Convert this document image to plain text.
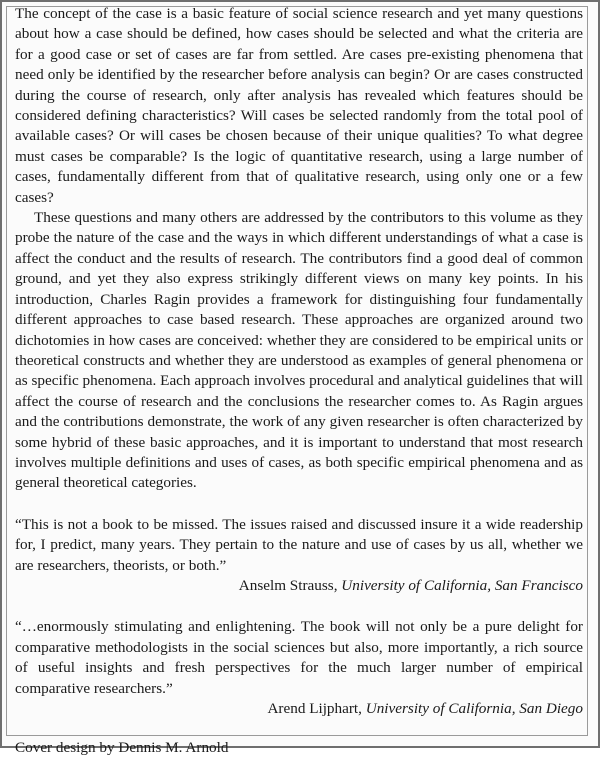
The concept of the case is a basic feature of social science research and yet many questions about how a case should be defined, how cases should be selected and what the criteria are for a good case or set of cases are far from settled. Are cases pre-existing phenomena that need only be identified by the researcher before analysis can begin? Or are cases constructed during the course of research, only after analysis has revealed which features should be considered defining characteristics? Will cases be selected randomly from the total pool of available cases? Or will cases be chosen because of their unique qualities? To what degree must cases be comparable? Is the logic of quantitative research, using a large number of cases, fundamentally different from that of qualitative research, using only one or a few cases?

These questions and many others are addressed by the contributors to this volume as they probe the nature of the case and the ways in which different understandings of what a case is affect the conduct and the results of research. The contributors find a good deal of common ground, and yet they also express strikingly different views on many key points. In his introduction, Charles Ragin provides a framework for distinguishing four fundamentally different approaches to case based research. These approaches are organized around two dichotomies in how cases are conceived: whether they are considered to be empirical units or theoretical constructs and whether they are understood as examples of general phenomena or as specific phenomena. Each approach involves procedural and analytical guidelines that will affect the course of research and the conclusions the researcher comes to. As Ragin argues and the contributions demonstrate, the work of any given researcher is often characterized by some hybrid of these basic approaches, and it is important to understand that most research involves multiple definitions and uses of cases, as both specific empirical phenomena and as general theoretical categories.

“This is not a book to be missed. The issues raised and discussed insure it a wide readership for, I predict, many years. They pertain to the nature and use of cases by us all, whether we are researchers, theorists, or both.”

Anselm Strauss, University of California, San Francisco

“…enormously stimulating and enlightening. The book will not only be a pure delight for comparative methodologists in the social sciences but also, more importantly, a rich source of useful insights and fresh perspectives for the much larger number of empirical comparative researchers.”

Arend Lijphart, University of California, San Diego

Cover design by Dennis M. Arnold
